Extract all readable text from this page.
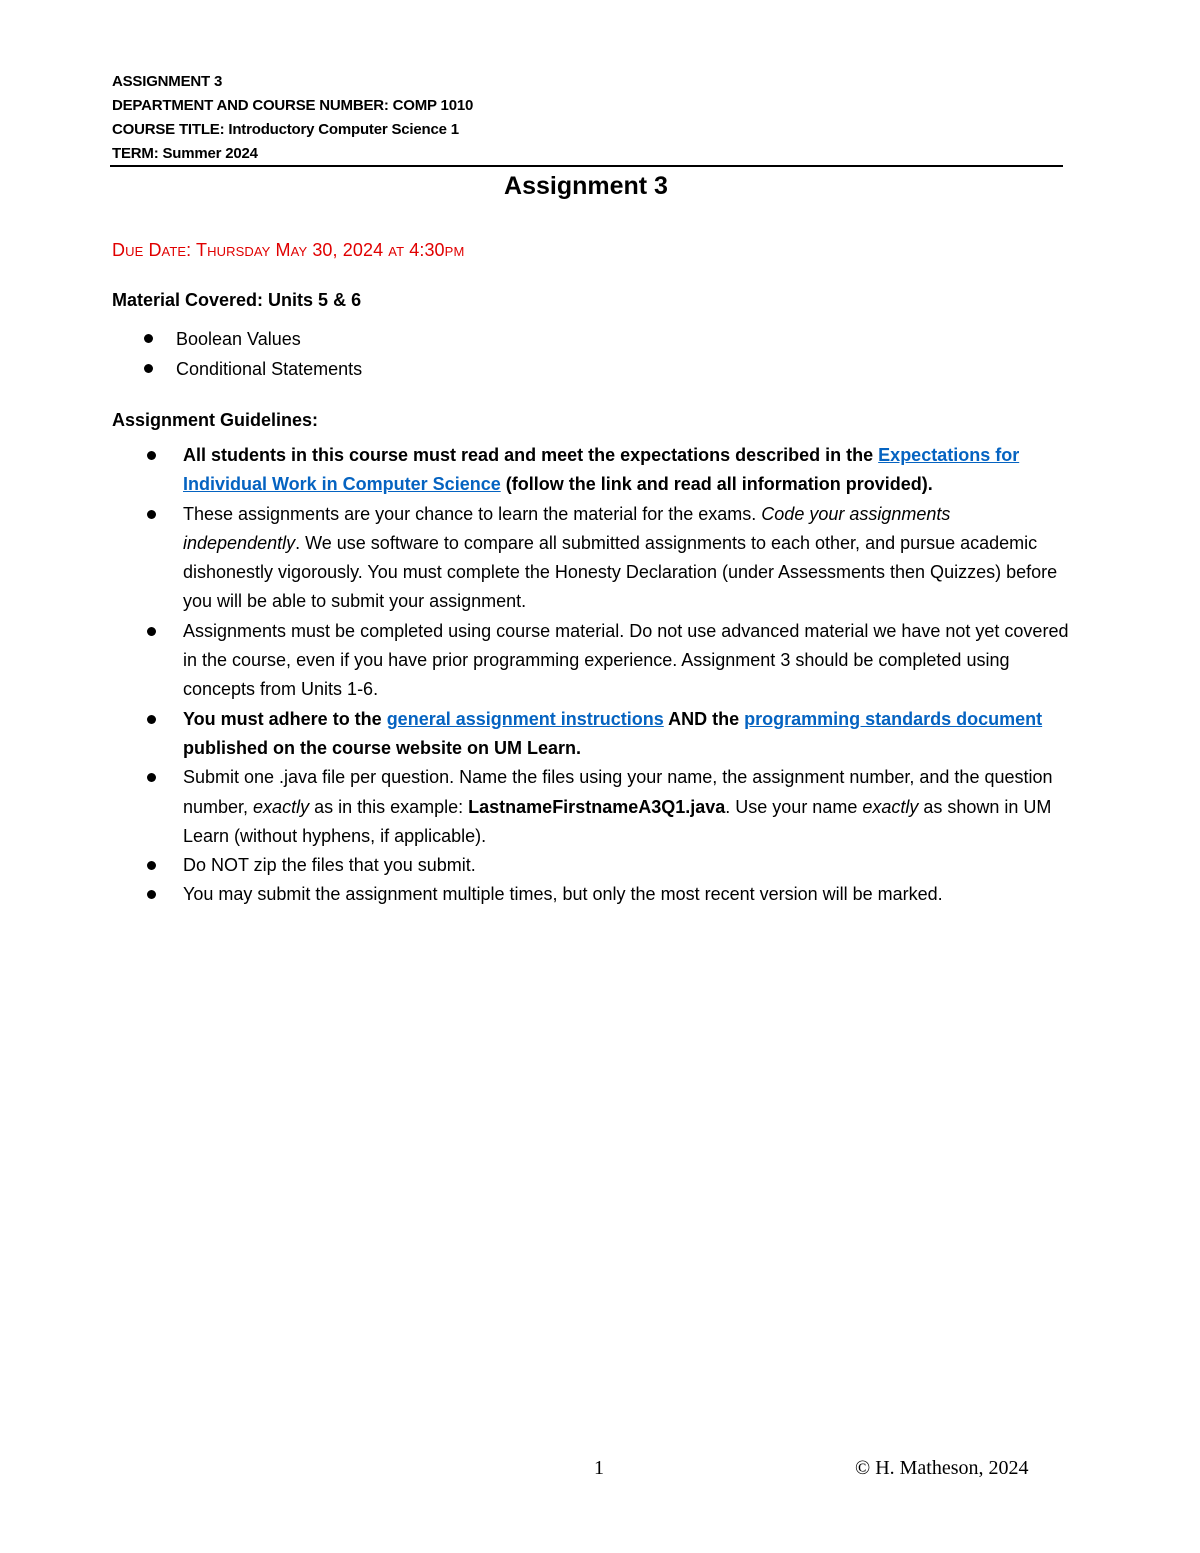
ASSIGNMENT 3
DEPARTMENT AND COURSE NUMBER: COMP 1010
COURSE TITLE: Introductory Computer Science 1
TERM: Summer 2024
Assignment 3
Due Date: Thursday May 30, 2024 at 4:30pm
Material Covered: Units 5 & 6
Boolean Values
Conditional Statements
Assignment Guidelines:
All students in this course must read and meet the expectations described in the Expectations for Individual Work in Computer Science (follow the link and read all information provided).
These assignments are your chance to learn the material for the exams. Code your assignments independently. We use software to compare all submitted assignments to each other, and pursue academic dishonestly vigorously. You must complete the Honesty Declaration (under Assessments then Quizzes) before you will be able to submit your assignment.
Assignments must be completed using course material. Do not use advanced material we have not yet covered in the course, even if you have prior programming experience. Assignment 3 should be completed using concepts from Units 1-6.
You must adhere to the general assignment instructions AND the programming standards document published on the course website on UM Learn.
Submit one .java file per question. Name the files using your name, the assignment number, and the question number, exactly as in this example: LastnameFirstnameA3Q1.java. Use your name exactly as shown in UM Learn (without hyphens, if applicable).
Do NOT zip the files that you submit.
You may submit the assignment multiple times, but only the most recent version will be marked.
1	© H. Matheson, 2024
